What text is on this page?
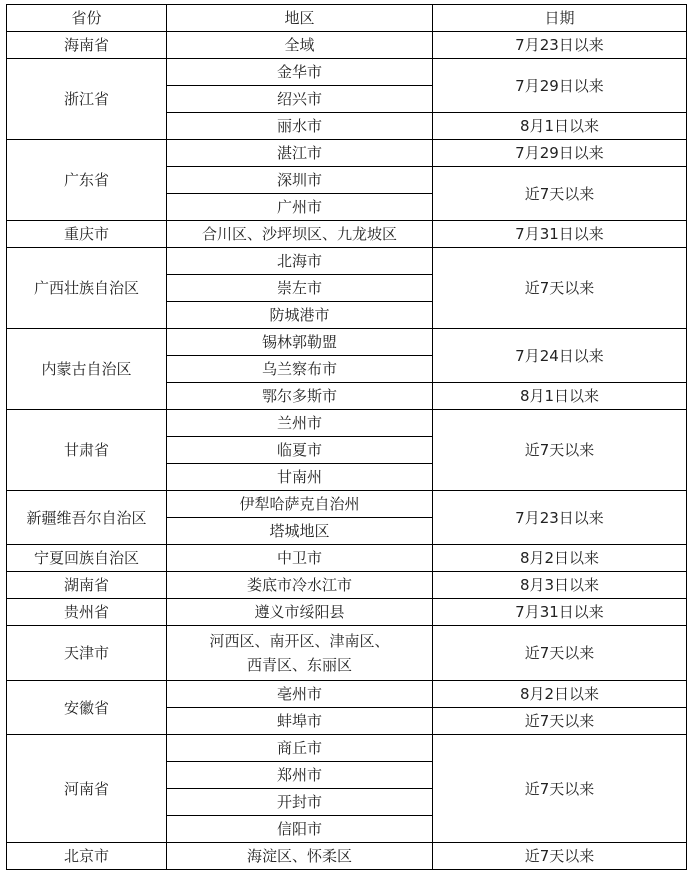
省份	地区	日期
海南省	全域	7月23日以来
浙江省	金华市	7月29日以来
	绍兴市	
	丽水市	8月1日以来
广东省	湛江市	7月29日以来
	深圳市	近7天以来
	广州市	
重庆市	合川区、沙坪坝区、九龙坡区	7月31日以来
广西壮族自治区	北海市	近7天以来
	崇左市	
	防城港市	
内蒙古自治区	锡林郭勒盟	7月24日以来
	乌兰察布市	
	鄂尔多斯市	8月1日以来
甘肃省	兰州市	近7天以来
	临夏市	
	甘南州	
新疆维吾尔自治区	伊犁哈萨克自治州	7月23日以来
	塔城地区	
宁夏回族自治区	中卫市	8月2日以来
湖南省	娄底市冷水江市	8月3日以来
贵州省	遵义市绥阳县	7月31日以来
天津市	河西区、南开区、津南区、
西青区、东丽区	近7天以来
安徽省	亳州市	8月2日以来
	蚌埠市	近7天以来
河南省	商丘市	近7天以来
	郑州市	
	开封市	
	信阳市	
北京市	海淀区、怀柔区	近7天以来
